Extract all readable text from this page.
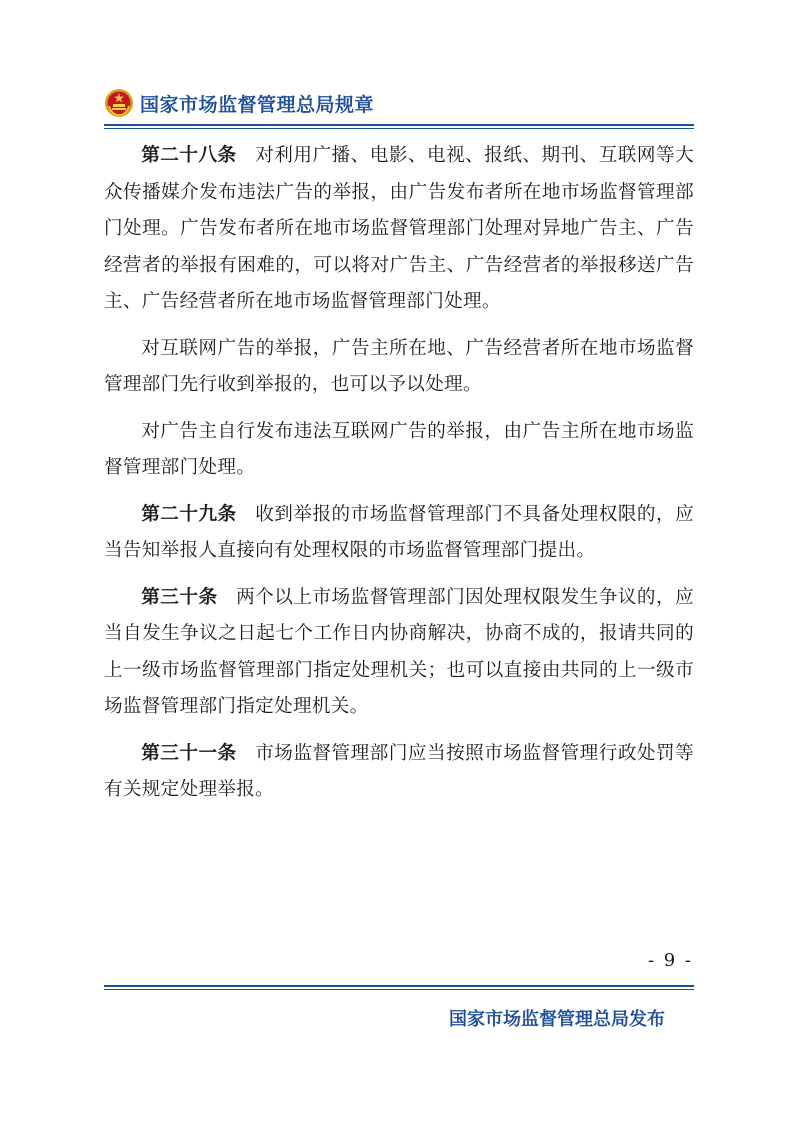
国家市场监督管理总局规章

第二十八条 对利用广播、电影、电视、报纸、期刊、互联网等大众传播媒介发布违法广告的举报，由广告发布者所在地市场监督管理部门处理。广告发布者所在地市场监督管理部门处理对异地广告主、广告经营者的举报有困难的，可以将对广告主、广告经营者的举报移送广告主、广告经营者所在地市场监督管理部门处理。

对互联网广告的举报，广告主所在地、广告经营者所在地市场监督管理部门先行收到举报的，也可以予以处理。

对广告主自行发布违法互联网广告的举报，由广告主所在地市场监督管理部门处理。

第二十九条 收到举报的市场监督管理部门不具备处理权限的，应当告知举报人直接向有处理权限的市场监督管理部门提出。

第三十条 两个以上市场监督管理部门因处理权限发生争议的，应当自发生争议之日起七个工作日内协商解决，协商不成的，报请共同的上一级市场监督管理部门指定处理机关；也可以直接由共同的上一级市场监督管理部门指定处理机关。

第三十一条 市场监督管理部门应当按照市场监督管理行政处罚等有关规定处理举报。

- 9 -
国家市场监督管理总局发布
